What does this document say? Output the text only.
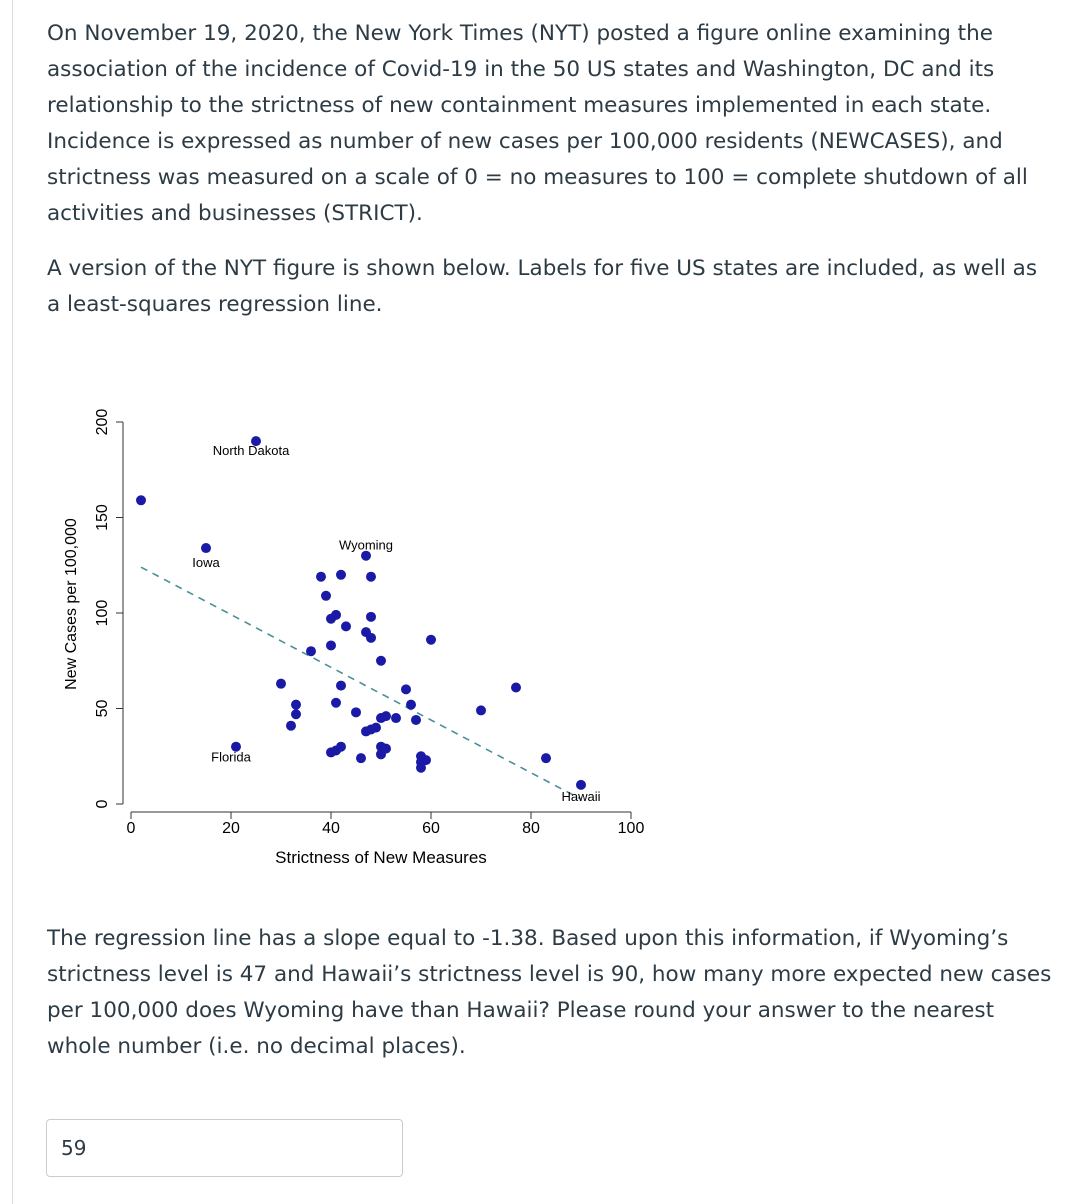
On November 19, 2020, the New York Times (NYT) posted a figure online examining the association of the incidence of Covid-19 in the 50 US states and Washington, DC and its relationship to the strictness of new containment measures implemented in each state. Incidence is expressed as number of new cases per 100,000 residents (NEWCASES), and strictness was measured on a scale of 0 = no measures to 100 = complete shutdown of all activities and businesses (STRICT).

A version of the NYT figure is shown below. Labels for five US states are included, as well as a least-squares regression line.

0	20	40	60	80	100
0
50
100
150
200
North Dakota
Iowa
Wyoming
Florida
Hawaii
Strictness of New Measures
New Cases per 100,000

The regression line has a slope equal to -1.38. Based upon this information, if Wyoming’s strictness level is 47 and Hawaii’s strictness level is 90, how many more expected new cases per 100,000 does Wyoming have than Hawaii? Please round your answer to the nearest whole number (i.e. no decimal places).

59
